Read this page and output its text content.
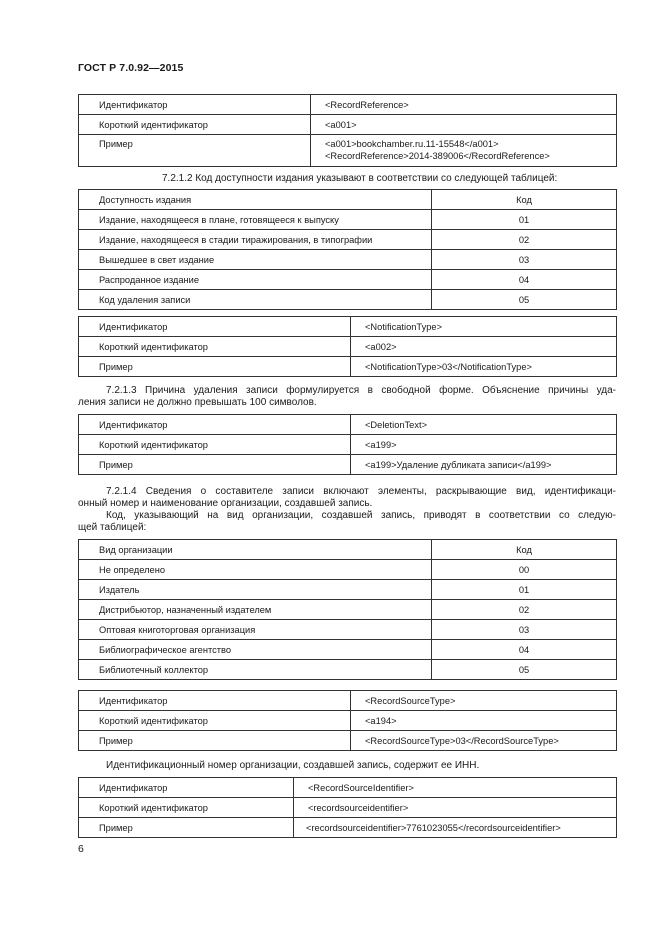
ГОСТ Р 7.0.92—2015
Идентификатор	<RecordReference>
Короткий идентификатор	<a001>
Пример	<a001>bookchamber.ru.11-15548</a001>
<RecordReference>2014-389006</RecordReference>
7.2.1.2 Код доступности издания указывают в соответствии со следующей таблицей:
Доступность издания	Код
Издание, находящееся в плане, готовящееся к выпуску	01
Издание, находящееся в стадии тиражирования, в типографии	02
Вышедшее в свет издание	03
Распроданное издание	04
Код удаления записи	05
Идентификатор	<NotificationType>
Короткий идентификатор	<a002>
Пример	<NotificationType>03</NotificationType>
7.2.1.3 Причина удаления записи формулируется в свободной форме. Объяснение причины уда-
ления записи не должно превышать 100 символов.
Идентификатор	<DeletionText>
Короткий идентификатор	<a199>
Пример	<a199>Удаление дубликата записи</a199>
7.2.1.4 Сведения о составителе записи включают элементы, раскрывающие вид, идентификаци-
онный номер и наименование организации, создавшей запись.
Код, указывающий на вид организации, создавшей запись, приводят в соответствии со следую-
щей таблицей:
Вид организации	Код
Не определено	00
Издатель	01
Дистрибьютор, назначенный издателем	02
Оптовая книготорговая организация	03
Библиографическое агентство	04
Библиотечный коллектор	05
Идентификатор	<RecordSourceType>
Короткий идентификатор	<a194>
Пример	<RecordSourceType>03</RecordSourceType>
Идентификационный номер организации, создавшей запись, содержит ее ИНН.
Идентификатор	<RecordSourceIdentifier>
Короткий идентификатор	<recordsourceidentifier>
Пример	<recordsourceidentifier>7761023055</recordsourceidentifier>
6
